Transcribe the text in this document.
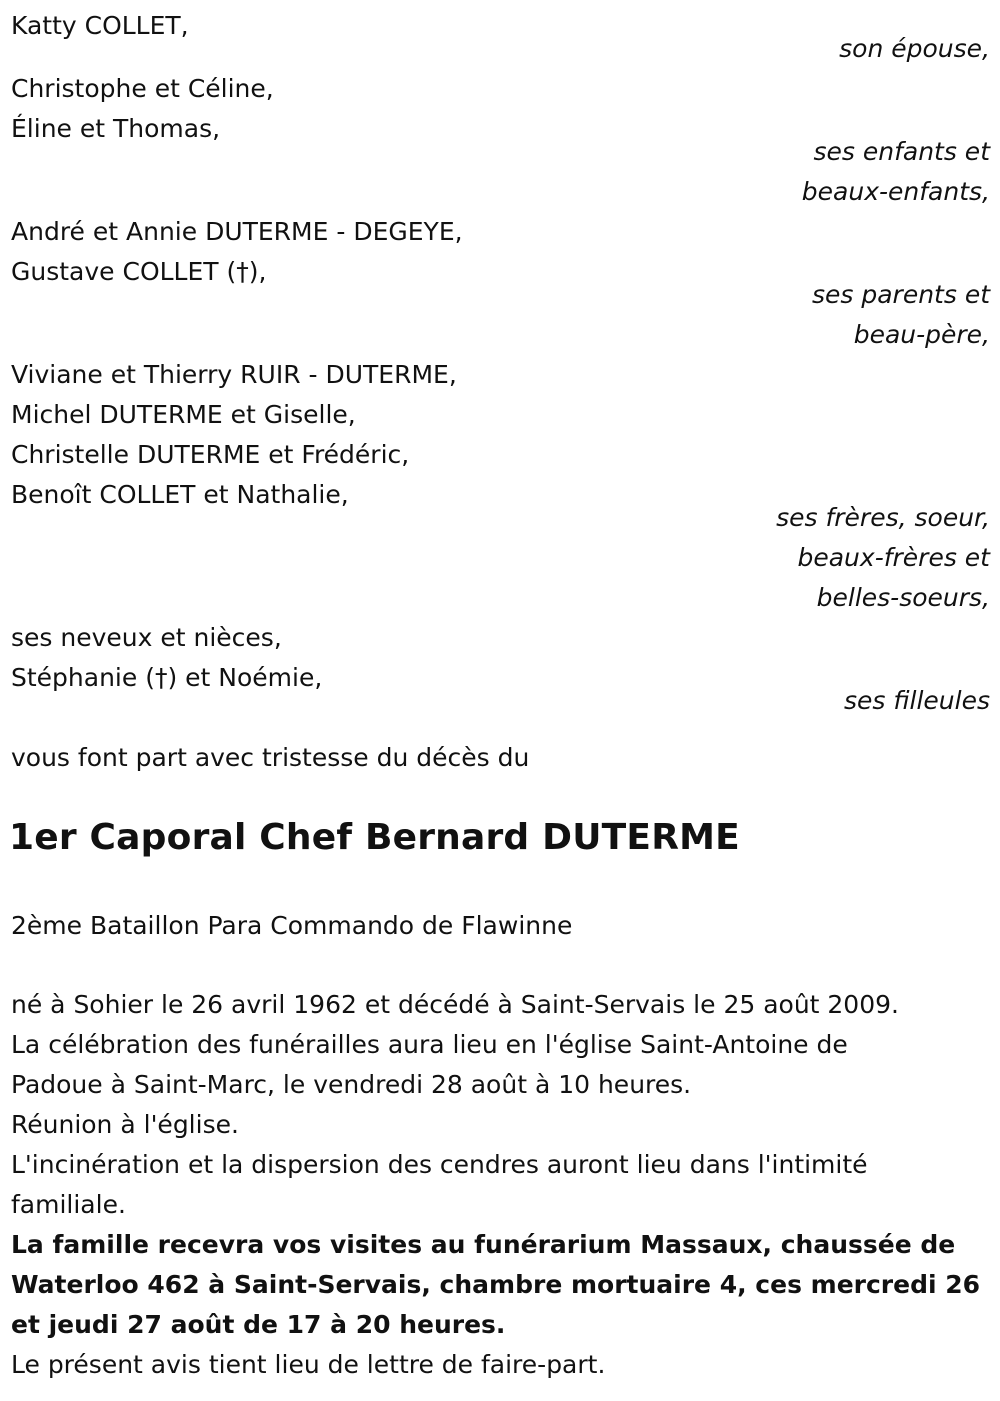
Katty COLLET,
son épouse,
Christophe et Céline,
Éline et Thomas,
ses enfants et
beaux-enfants,
André et Annie DUTERME - DEGEYE,
Gustave COLLET (†),
ses parents et
beau-père,
Viviane et Thierry RUIR - DUTERME,
Michel DUTERME et Giselle,
Christelle DUTERME et Frédéric,
Benoît COLLET et Nathalie,
ses frères, soeur,
beaux-frères et
belles-soeurs,
ses neveux et nièces,
Stéphanie (†) et Noémie,
ses filleules
vous font part avec tristesse du décès du
1er Caporal Chef Bernard DUTERME
2ème Bataillon Para Commando de Flawinne
né à Sohier le 26 avril 1962 et décédé à Saint-Servais le 25 août 2009.
La célébration des funérailles aura lieu en l'église Saint-Antoine de
Padoue à Saint-Marc, le vendredi 28 août à 10 heures.
Réunion à l'église.
L'incinération et la dispersion des cendres auront lieu dans l'intimité
familiale.
La famille recevra vos visites au funérarium Massaux, chaussée de
Waterloo 462 à Saint-Servais, chambre mortuaire 4, ces mercredi 26
et jeudi 27 août de 17 à 20 heures.
Le présent avis tient lieu de lettre de faire-part.
